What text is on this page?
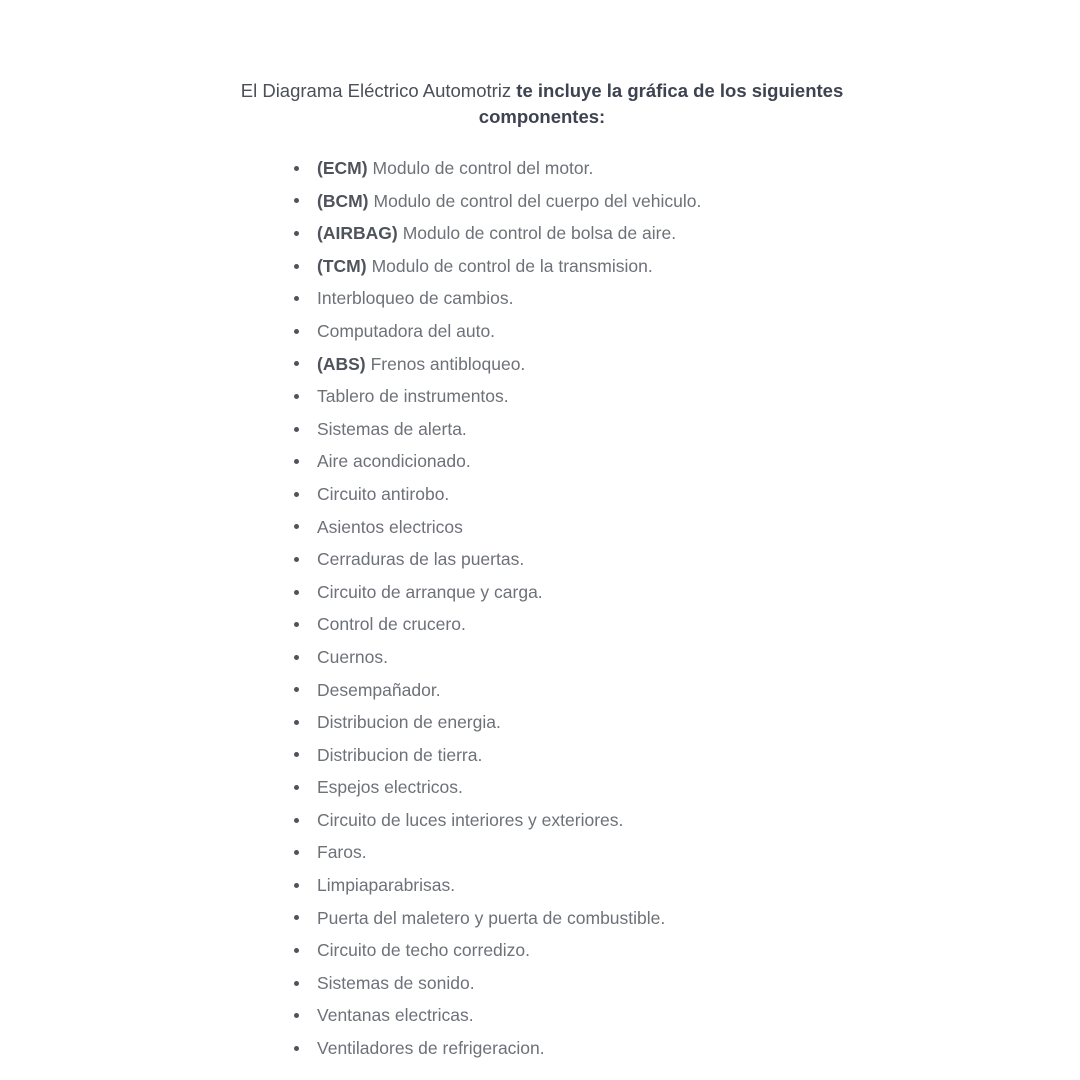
El Diagrama Eléctrico Automotriz te incluye la gráfica de los siguientes componentes:

(ECM) Modulo de control del motor.
(BCM) Modulo de control del cuerpo del vehiculo.
(AIRBAG) Modulo de control de bolsa de aire.
(TCM) Modulo de control de la transmision.
Interbloqueo de cambios.
Computadora del auto.
(ABS) Frenos antibloqueo.
Tablero de instrumentos.
Sistemas de alerta.
Aire acondicionado.
Circuito antirobo.
Asientos electricos
Cerraduras de las puertas.
Circuito de arranque y carga.
Control de crucero.
Cuernos.
Desempañador.
Distribucion de energia.
Distribucion de tierra.
Espejos electricos.
Circuito de luces interiores y exteriores.
Faros.
Limpiaparabrisas.
Puerta del maletero y puerta de combustible.
Circuito de techo corredizo.
Sistemas de sonido.
Ventanas electricas.
Ventiladores de refrigeracion.
